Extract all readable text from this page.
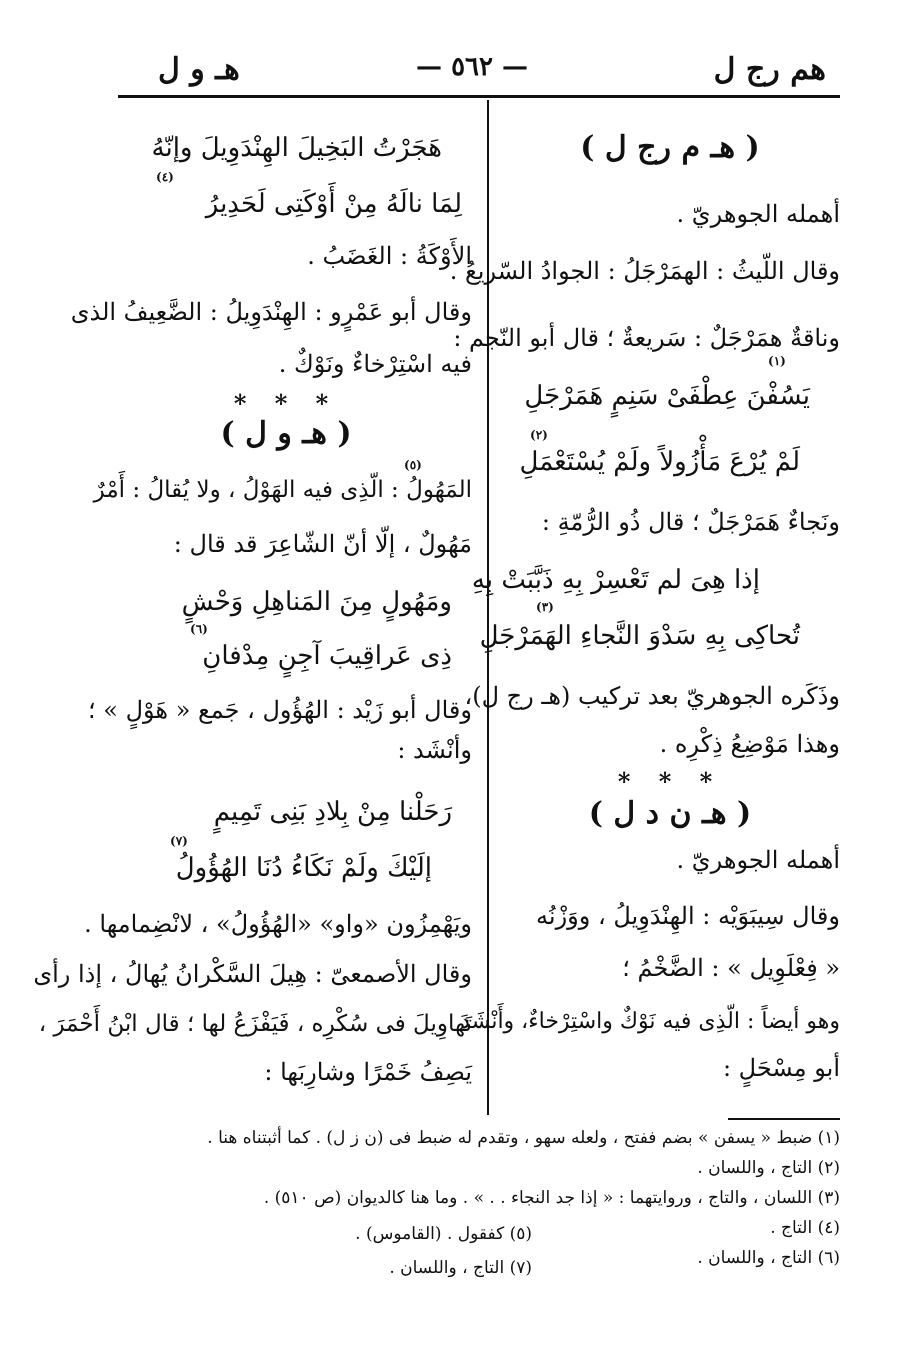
هم رج ل
— ٥٦٢ —
هـ و ل
( هـ م رج ل )
أهمله الجوهريّ .
وقال اللّيثُ : الهمَرْجَلُ : الجوادُ السّريعُ .
وناقةٌ همَرْجَلٌ : سَريعةٌ ؛ قال أبو النّجم :
(١)
يَسُفْنَ عِطْفَىْ سَنِمٍ هَمَرْجَلِ
(٢)
لَمْ يُرْعَ مَأْزُولاً ولَمْ يُسْتَعْمَلِ
ونَجاءٌ هَمَرْجَلٌ ؛ قال ذُو الرُّمّةِ :
إذا هِىَ لم تَعْسِرْ بِهِ ذَبَّبَتْ بِهِ
(٣)
تُحاكِى بِهِ سَدْوَ النَّجاءِ الهَمَرْجَلِ
وذَكَره الجوهريّ بعد تركيب (هـ رج ل)،
وهذا مَوْضِعُ ذِكْرِه .
* * *
( هـ ن د ل )
أهمله الجوهريّ .
وقال سِيبَوَيْه : الهِنْدَوِيلُ ، ووَزْنُه
« فِعْلَوِيل » : الضَّخْمُ ؛
وهو أيضاً : الّذِى فيه نَوْكٌ واسْتِرْخاءٌ، وأَنْشَدَ
أبو مِسْحَلٍ :
هَجَرْتُ البَخِيلَ الهِنْدَوِيلَ وإنّهُ
(٤)
لِمَا نالَهُ مِنْ أَوْكَتِى لَحَدِيرُ
الأَوْكَةُ : الغَضَبُ .
وقال أبو عَمْرٍو : الهِنْدَوِيلُ : الضَّعِيفُ الذى
فيه اسْتِرْخاءٌ ونَوْكٌ .
* * *
( هـ و ل )
(٥)
المَهُولُ : الّذِى فيه الهَوْلُ ، ولا يُقالُ : أَمْرٌ
مَهُولٌ ، إلّا أنّ الشّاعِرَ قد قال :
ومَهُولٍ مِنَ المَناهِلِ وَحْشٍ
(٦)
ذِى عَراقِيبَ آجِنٍ مِدْفانِ
وقال أبو زَيْد : الهُؤُول ، جَمع « هَوْلٍ » ؛
وأنْشَد :
رَحَلْنا مِنْ بِلادِ بَنِى تَمِيمٍ
(٧)
إلَيْكَ ولَمْ نَكَاءُ دُنَا الهُؤُولُ
ويَهْمِزُون «واو» «الهُؤُولُ» ، لانْضِمامها .
وقال الأصمعىّ : هِيلَ السَّكْرانُ يُهالُ ، إذا رأى
تَهاوِيلَ فى سُكْرِه ، فَيَفْزَعُ لها ؛ قال ابْنُ أَحْمَرَ ،
يَصِفُ خَمْرًا وشارِبَها :
(١) ضبط « يسفن » بضم ففتح ، ولعله سهو ، وتقدم له ضبط فى (ن ز ل) . كما أثبتناه هنا .
(٢) التاج ، واللسان .
(٣) اللسان ، والتاج ، وروايتهما : « إذا جد النجاء . . » . وما هنا كالديوان (ص ٥١٠) .
(٤) التاج .
(٥) كفقول . (القاموس) .
(٦) التاج ، واللسان .
(٧) التاج ، واللسان .
